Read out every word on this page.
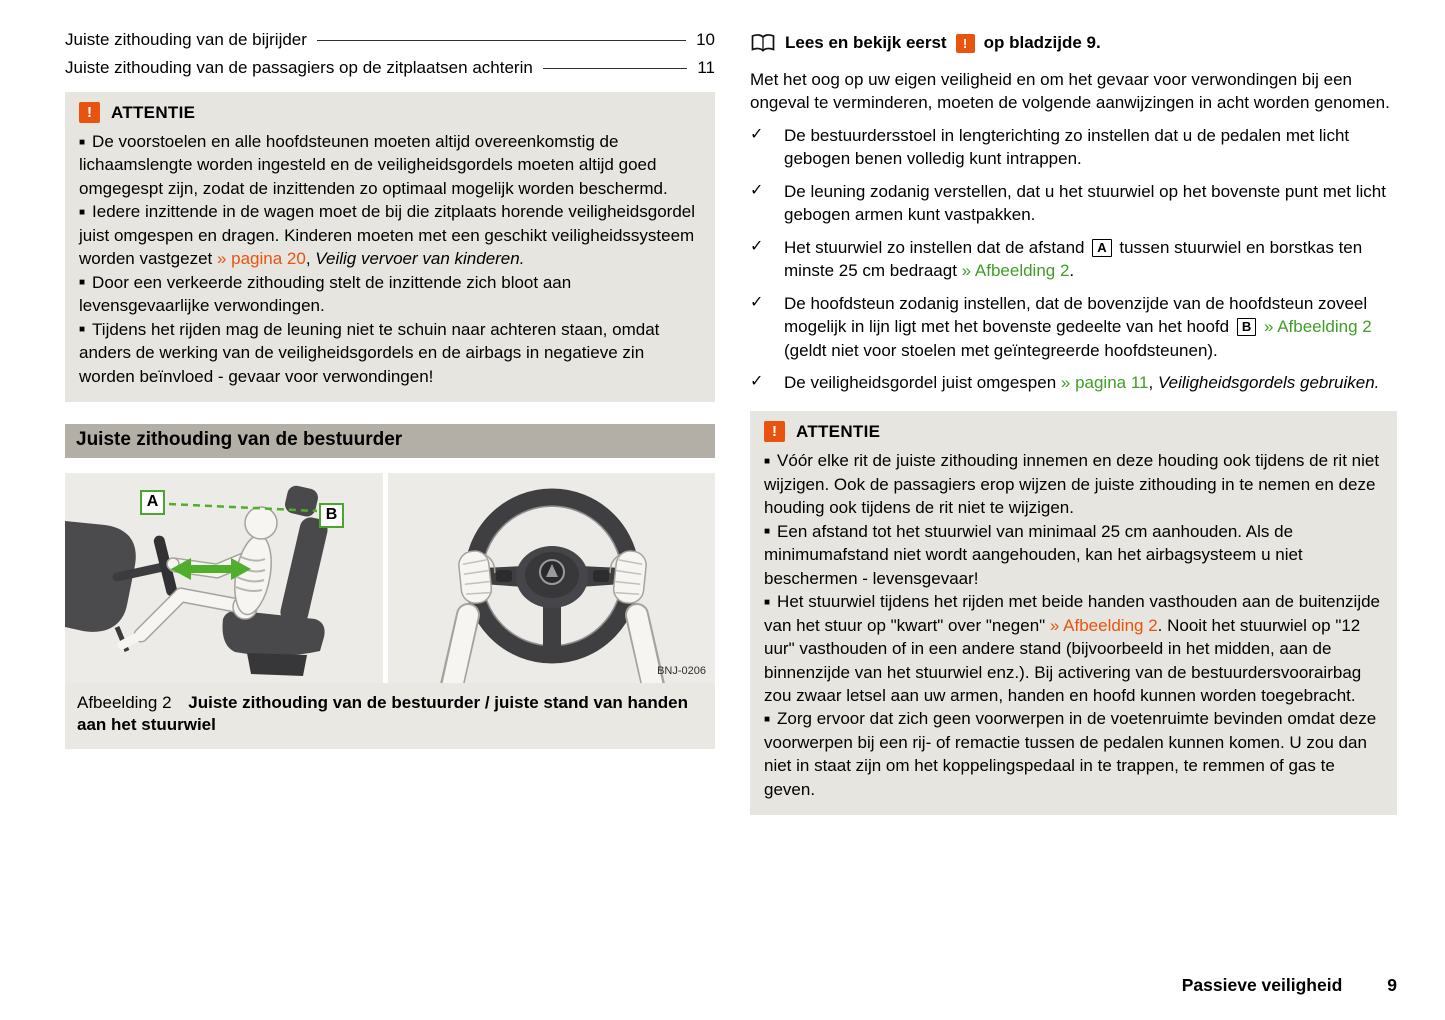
Juiste zithouding van de bijrijder	10
Juiste zithouding van de passagiers op de zitplaatsen achterin	11
!	ATTENTIE
■ De voorstoelen en alle hoofdsteunen moeten altijd overeenkomstig de lichaamslengte worden ingesteld en de veiligheidsgordels moeten altijd goed omgegespt zijn, zodat de inzittenden zo optimaal mogelijk worden beschermd.
■ Iedere inzittende in de wagen moet de bij die zitplaats horende veiligheidsgordel juist omgespen en dragen. Kinderen moeten met een geschikt veiligheidssysteem worden vastgezet » pagina 20, Veilig vervoer van kinderen.
■ Door een verkeerde zithouding stelt de inzittende zich bloot aan levensgevaarlijke verwondingen.
■ Tijdens het rijden mag de leuning niet te schuin naar achteren staan, omdat anders de werking van de veiligheidsgordels en de airbags in negatieve zin worden beïnvloed - gevaar voor verwondingen!
Juiste zithouding van de bestuurder
A
B
BNJ-0206
Afbeelding 2 Juiste zithouding van de bestuurder / juiste stand van handen aan het stuurwiel
Lees en bekijk eerst	! op bladzijde 9.

Met het oog op uw eigen veiligheid en om het gevaar voor verwondingen bij een ongeval te verminderen, moeten de volgende aanwijzingen in acht worden genomen.

✓	De bestuurdersstoel in lengterichting zo instellen dat u de pedalen met licht gebogen benen volledig kunt intrappen.
✓	De leuning zodanig verstellen, dat u het stuurwiel op het bovenste punt met licht gebogen armen kunt vastpakken.
✓	Het stuurwiel zo instellen dat de afstand A tussen stuurwiel en borstkas ten minste 25 cm bedraagt » Afbeelding 2.
✓	De hoofdsteun zodanig instellen, dat de bovenzijde van de hoofdsteun zoveel mogelijk in lijn ligt met het bovenste gedeelte van het hoofd B » Afbeelding 2 (geldt niet voor stoelen met geïntegreerde hoofdsteunen).
✓	De veiligheidsgordel juist omgespen » pagina 11, Veiligheidsgordels gebruiken.
!	ATTENTIE
■ Vóór elke rit de juiste zithouding innemen en deze houding ook tijdens de rit niet wijzigen. Ook de passagiers erop wijzen de juiste zithouding in te nemen en deze houding ook tijdens de rit niet te wijzigen.
■ Een afstand tot het stuurwiel van minimaal 25 cm aanhouden. Als de minimumafstand niet wordt aangehouden, kan het airbagsysteem u niet beschermen - levensgevaar!
■ Het stuurwiel tijdens het rijden met beide handen vasthouden aan de buitenzijde van het stuur op "kwart" over "negen" » Afbeelding 2. Nooit het stuurwiel op "12 uur" vasthouden of in een andere stand (bijvoorbeeld in het midden, aan de binnenzijde van het stuurwiel enz.). Bij activering van de bestuurdersvoorairbag zou zwaar letsel aan uw armen, handen en hoofd kunnen worden toegebracht.
■ Zorg ervoor dat zich geen voorwerpen in de voetenruimte bevinden omdat deze voorwerpen bij een rij- of remactie tussen de pedalen kunnen komen. U zou dan niet in staat zijn om het koppelingspedaal in te trappen, te remmen of gas te geven.
Passieve veiligheid	9
